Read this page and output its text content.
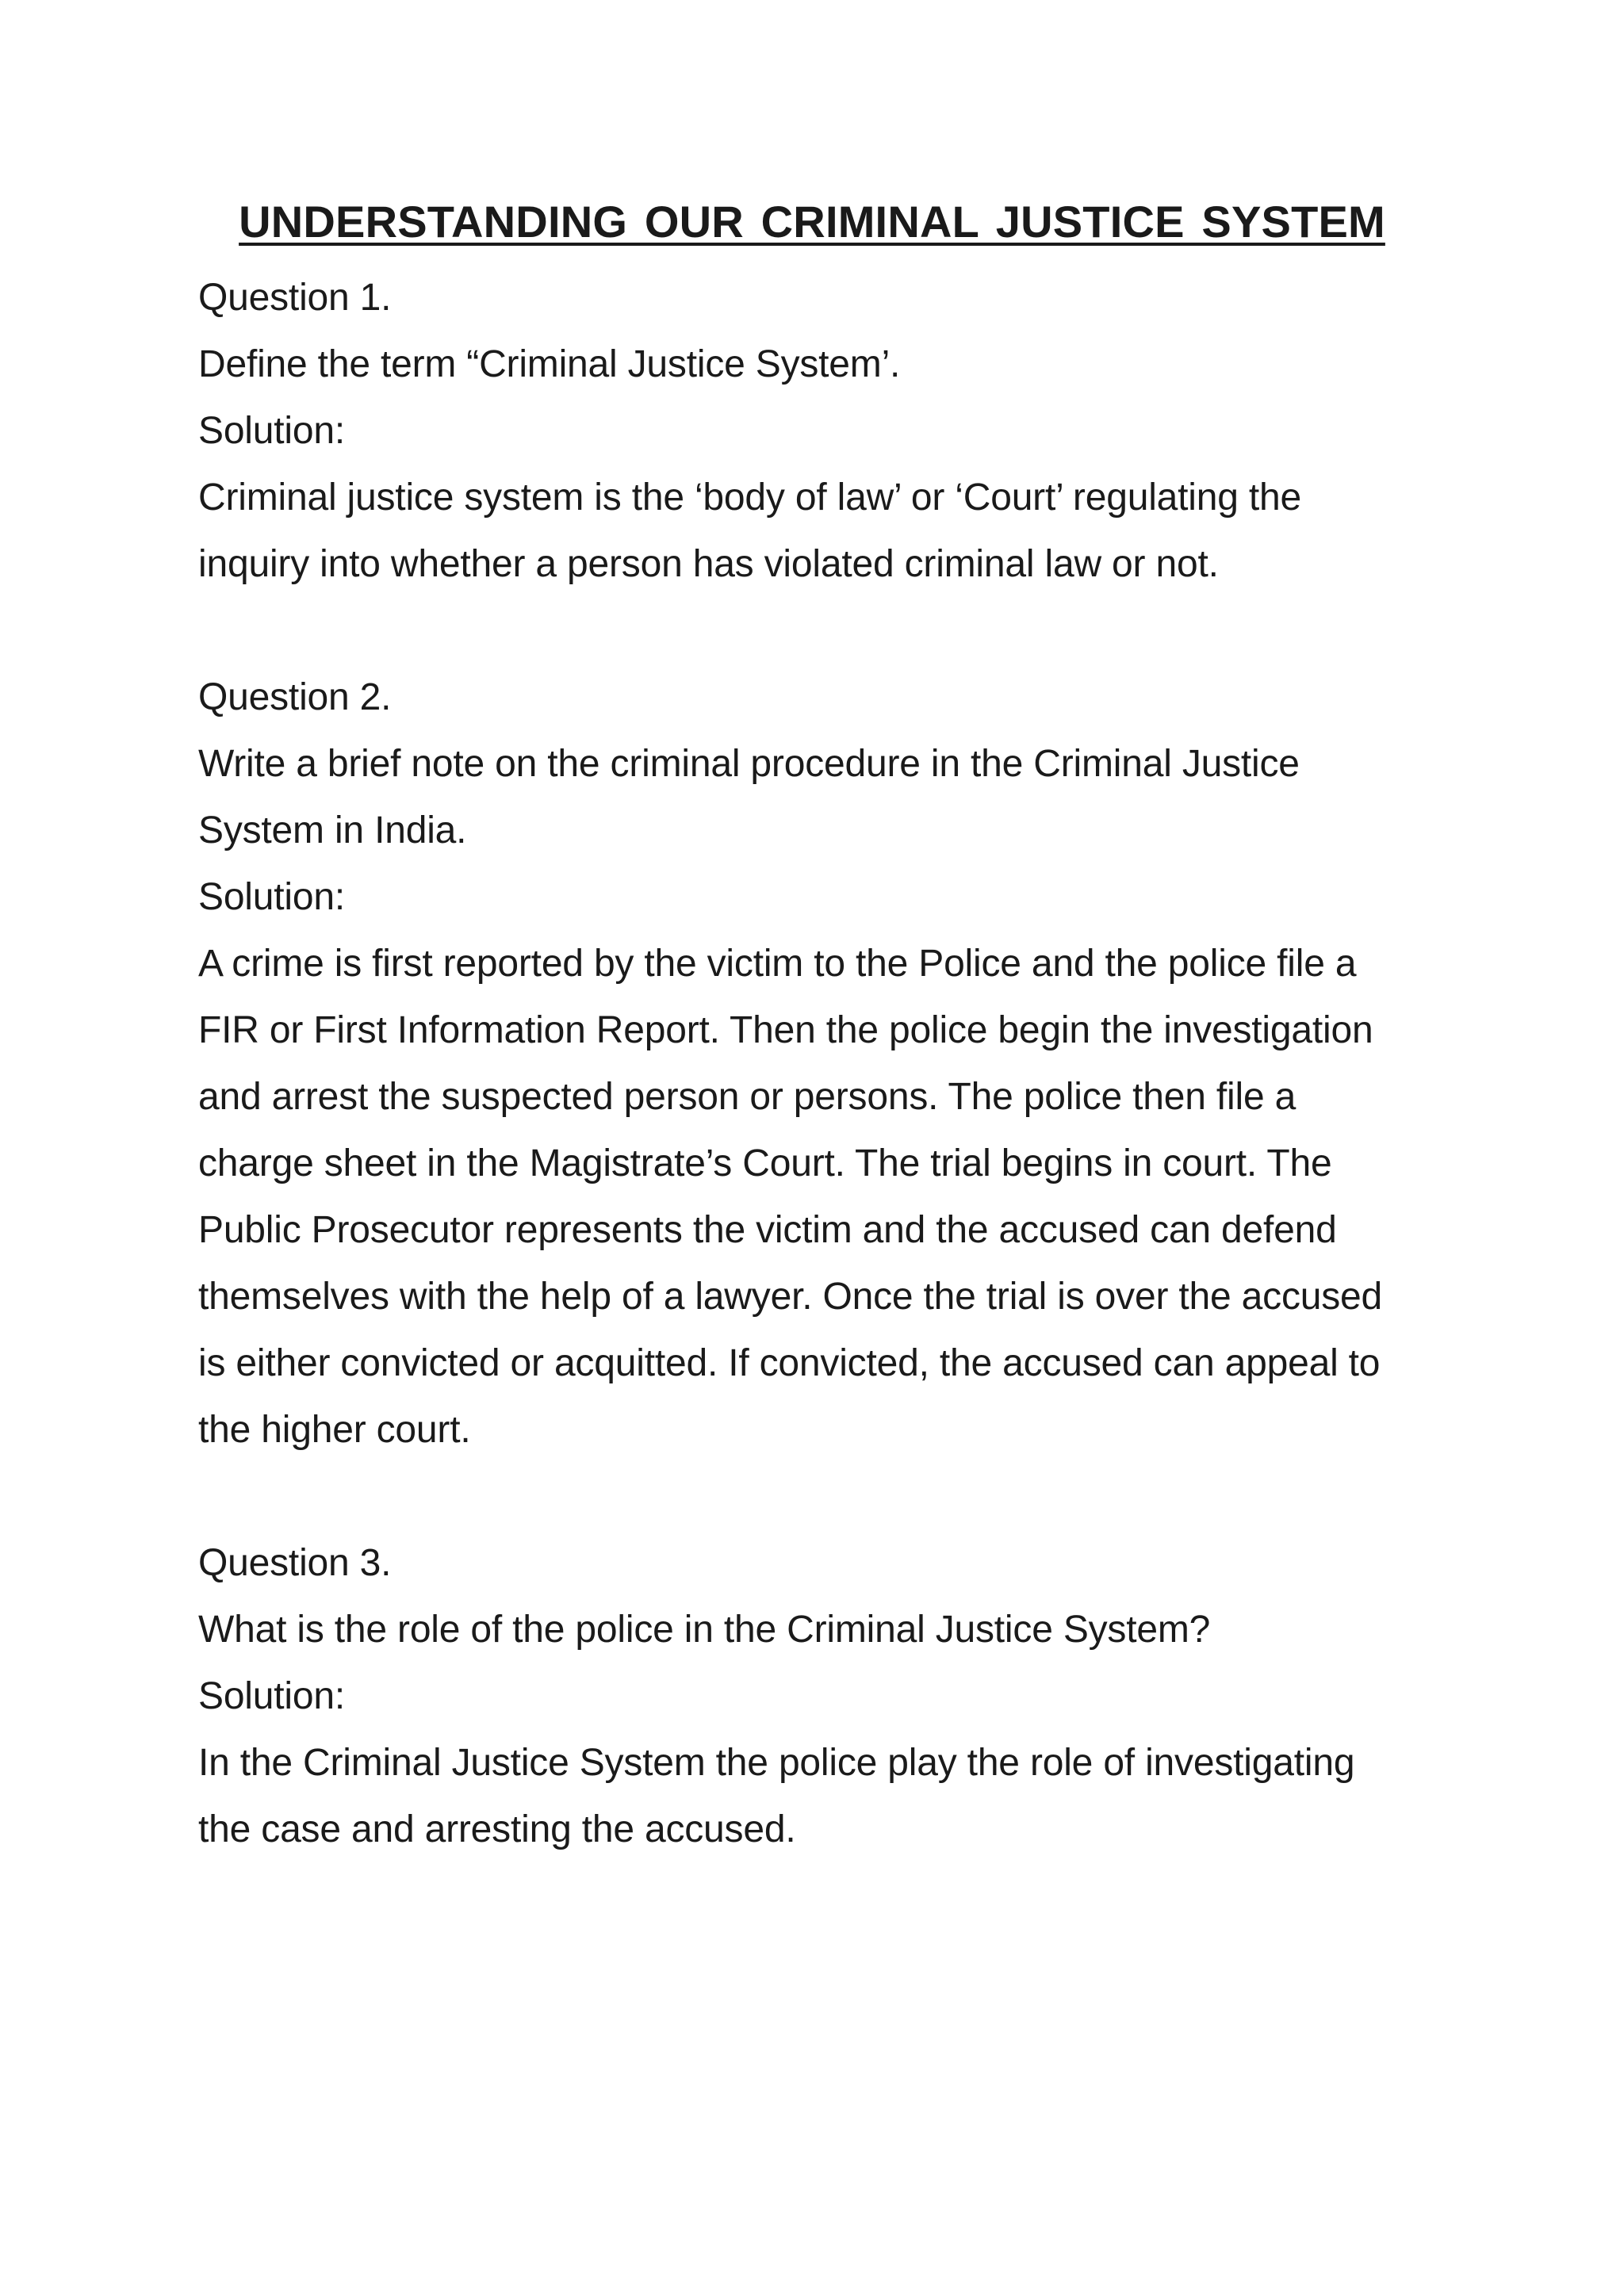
UNDERSTANDING OUR CRIMINAL JUSTICE SYSTEM
Question 1.
Define the term “Criminal Justice System’.
Solution:
Criminal justice system is the ‘body of law’ or ‘Court’ regulating the
inquiry into whether a person has violated criminal law or not.
Question 2.
Write a brief note on the criminal procedure in the Criminal Justice
System in India.
Solution:
A crime is first reported by the victim to the Police and the police file a
FIR or First Information Report. Then the police begin the investigation
and arrest the suspected person or persons. The police then file a
charge sheet in the Magistrate’s Court. The trial begins in court. The
Public Prosecutor represents the victim and the accused can defend
themselves with the help of a lawyer. Once the trial is over the accused
is either convicted or acquitted. If convicted, the accused can appeal to
the higher court.
Question 3.
What is the role of the police in the Criminal Justice System?
Solution:
In the Criminal Justice System the police play the role of investigating
the case and arresting the accused.
